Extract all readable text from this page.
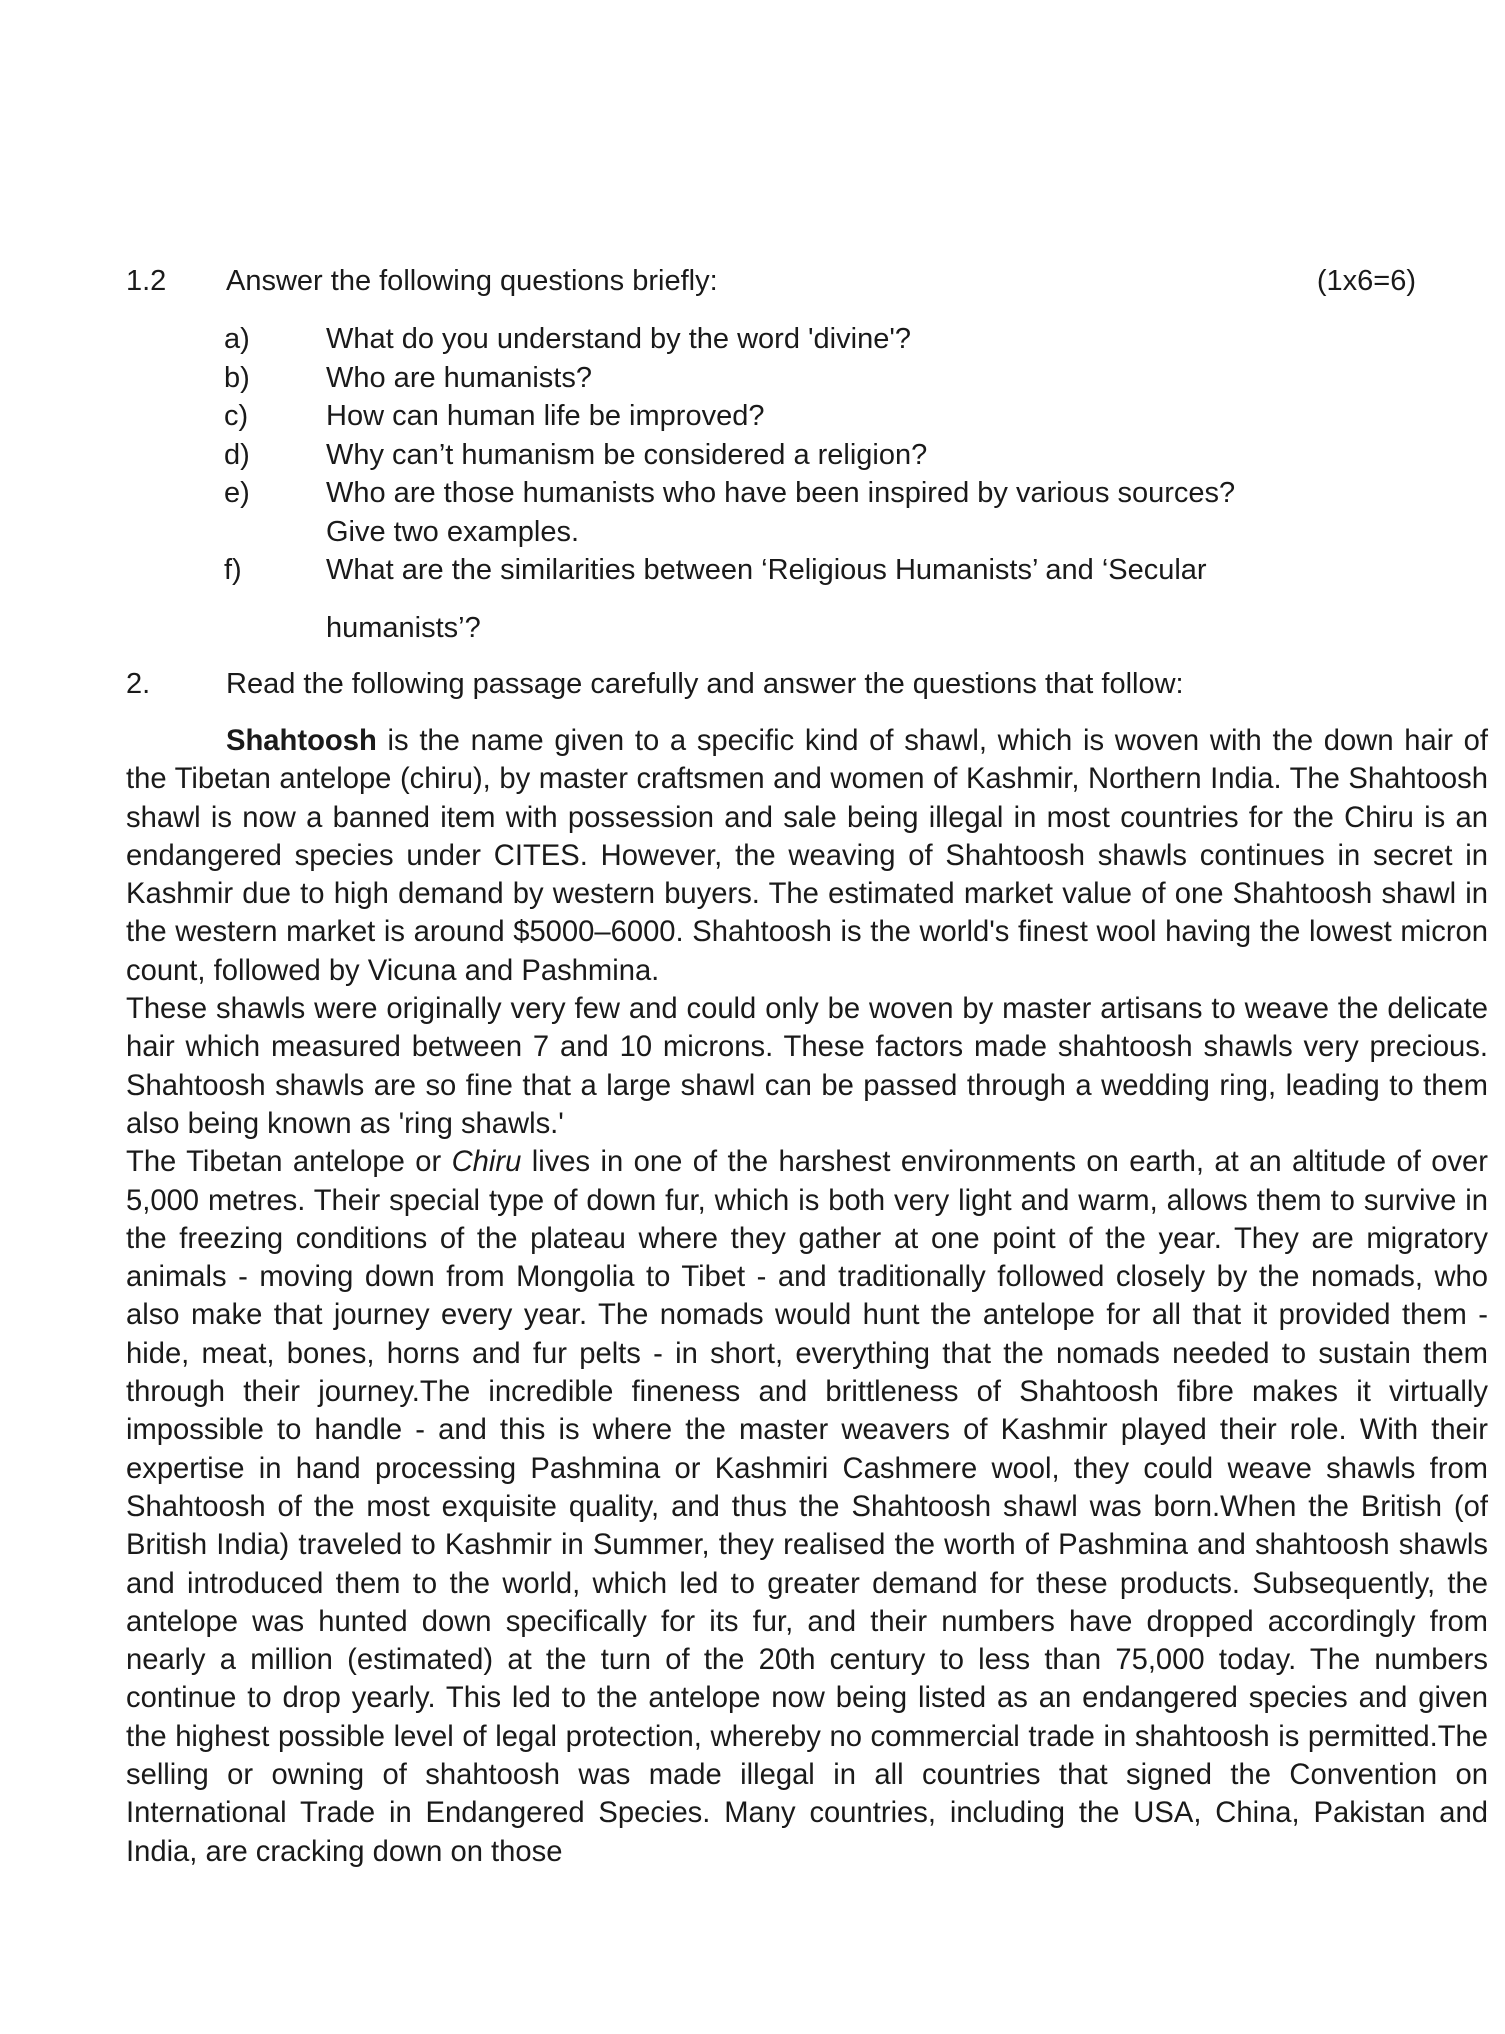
1.2 Answer the following questions briefly:	(1x6=6)
a)	What do you understand by the word 'divine'?
b)	Who are humanists?
c)	How can human life be improved?
d)	Why can’t humanism be considered a religion?
e)	Who are those humanists who have been inspired by various sources?
Give two examples.
f)	What are the similarities between ‘Religious Humanists’ and ‘Secular
humanists’?
2.	Read the following passage carefully and answer the questions that follow:

Shahtoosh is the name given to a specific kind of shawl, which is woven with the down hair of the Tibetan antelope (chiru), by master craftsmen and women of Kashmir, Northern India. The Shahtoosh shawl is now a banned item with possession and sale being illegal in most countries for the Chiru is an endangered species under CITES. However, the weaving of Shahtoosh shawls continues in secret in Kashmir due to high demand by western buyers. The estimated market value of one Shahtoosh shawl in the western market is around $5000–6000. Shahtoosh is the world's finest wool having the lowest micron count, followed by Vicuna and Pashmina.

These shawls were originally very few and could only be woven by master artisans to weave the delicate hair which measured between 7 and 10 microns. These factors made shahtoosh shawls very precious. Shahtoosh shawls are so fine that a large shawl can be passed through a wedding ring, leading to them also being known as 'ring shawls.'

The Tibetan antelope or Chiru lives in one of the harshest environments on earth, at an altitude of over 5,000 metres. Their special type of down fur, which is both very light and warm, allows them to survive in the freezing conditions of the plateau where they gather at one point of the year. They are migratory animals - moving down from Mongolia to Tibet - and traditionally followed closely by the nomads, who also make that journey every year. The nomads would hunt the antelope for all that it provided them - hide, meat, bones, horns and fur pelts - in short, everything that the nomads needed to sustain them through their journey.The incredible fineness and brittleness of Shahtoosh fibre makes it virtually impossible to handle - and this is where the master weavers of Kashmir played their role. With their expertise in hand processing Pashmina or Kashmiri Cashmere wool, they could weave shawls from Shahtoosh of the most exquisite quality, and thus the Shahtoosh shawl was born.When the British (of British India) traveled to Kashmir in Summer, they realised the worth of Pashmina and shahtoosh shawls and introduced them to the world, which led to greater demand for these products. Subsequently, the antelope was hunted down specifically for its fur, and their numbers have dropped accordingly from nearly a million (estimated) at the turn of the 20th century to less than 75,000 today. The numbers continue to drop yearly. This led to the antelope now being listed as an endangered species and given the highest possible level of legal protection, whereby no commercial trade in shahtoosh is permitted.The selling or owning of shahtoosh was made illegal in all countries that signed the Convention on International Trade in Endangered Species. Many countries, including the USA, China, Pakistan and India, are cracking down on those
